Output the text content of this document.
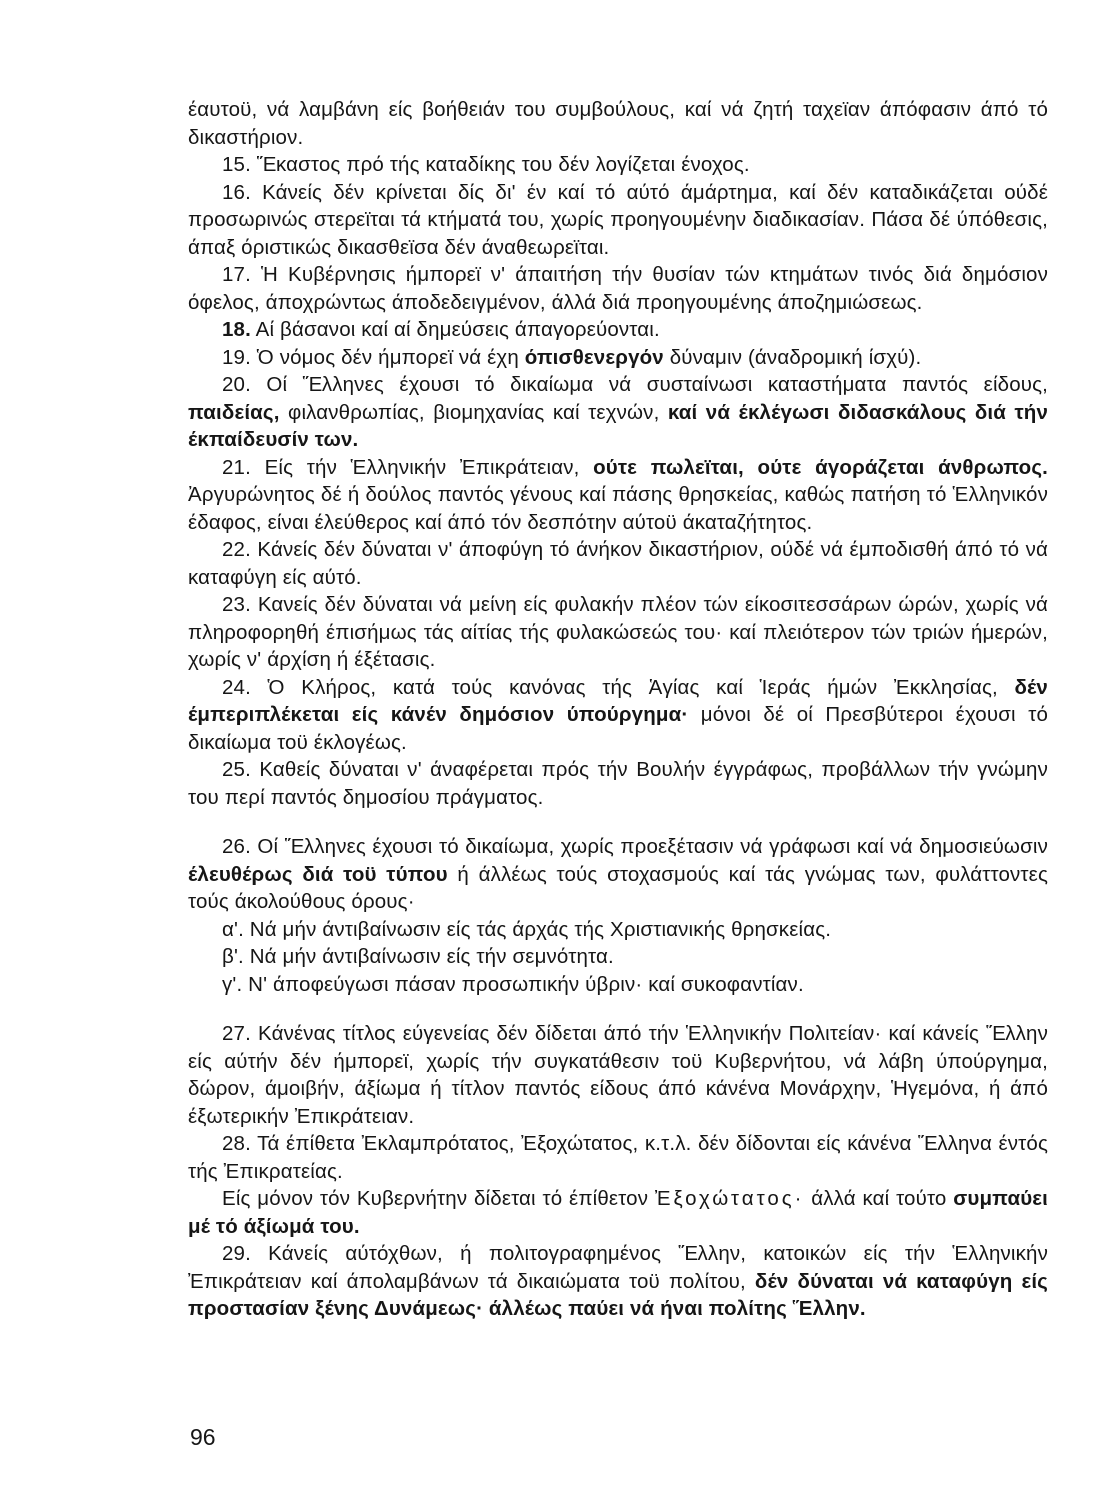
έαυτοϋ, νά λαμβάνη είς βοήθειάν του συμβούλους, καί νά ζητή ταχεϊαν άπόφασιν άπό τό δικαστήριον.

15. Ἕκαστος πρό τής καταδίκης του δέν λογίζεται ένοχος.

16. Κάνείς δέν κρίνεται δίς δι' έν καί τό αύτό άμάρτημα, καί δέν καταδικάζεται ούδέ προσωρινώς στερεϊται τά κτήματά του, χωρίς προηγουμένην διαδικασίαν. Πάσα δέ ύπόθεσις, άπαξ όριστικώς δικασθεϊσα δέν άναθεωρεϊται.

17. Ἡ Κυβέρνησις ήμπορεϊ ν' άπαιτήση τήν θυσίαν τών κτημάτων τινός διά δημόσιον όφελος, άποχρώντως άποδεδειγμένον, άλλά διά προηγουμένης άποζημιώσεως.

18. Αί βάσανοι καί αί δημεύσεις άπαγορεύονται.

19. Ὁ νόμος δέν ήμπορεϊ νά έχη όπισθενεργόν δύναμιν (άναδρομική ίσχύ).

20. Οί Ἕλληνες έχουσι τό δικαίωμα νά συσταίνωσι καταστήματα παντός είδους, παιδείας, φιλανθρωπίας, βιομηχανίας καί τεχνών, καί νά έκλέγωσι διδασκάλους διά τήν έκπαίδευσίν των.

21. Είς τήν Ἑλληνικήν Ἐπικράτειαν, ούτε πωλεϊται, ούτε άγοράζεται άνθρωπος. Ἀργυρώνητος δέ ή δούλος παντός γένους καί πάσης θρησκείας, καθώς πατήση τό Ἑλληνικόν έδαφος, είναι έλεύθερος καί άπό τόν δεσπότην αύτοϋ άκαταζήτητος.

22. Κάνείς δέν δύναται ν' άποφύγη τό άνήκον δικαστήριον, ούδέ νά έμποδισθή άπό τό νά καταφύγη είς αύτό.

23. Κανείς δέν δύναται νά μείνη είς φυλακήν πλέον τών είκοσιτεσσάρων ώρών, χωρίς νά πληροφορηθή έπισήμως τάς αίτίας τής φυλακώσεώς του· καί πλειότερον τών τριών ήμερών, χωρίς ν' άρχίση ή έξέτασις.

24. Ὁ Κλήρος, κατά τούς κανόνας τής Ἁγίας καί Ἱεράς ήμών Ἐκκλησίας, δέν έμπεριπλέκεται είς κάνέν δημόσιον ύπούργημα· μόνοι δέ οί Πρεσβύτεροι έχουσι τό δικαίωμα τοϋ έκλογέως.

25. Καθείς δύναται ν' άναφέρεται πρός τήν Βουλήν έγγράφως, προβάλλων τήν γνώμην του περί παντός δημοσίου πράγματος.

26. Οί Ἕλληνες έχουσι τό δικαίωμα, χωρίς προεξέτασιν νά γράφωσι καί νά δημοσιεύωσιν έλευθέρως διά τοϋ τύπου ή άλλέως τούς στοχασμούς καί τάς γνώμας των, φυλάττοντες τούς άκολούθους όρους·

α'. Νά μήν άντιβαίνωσιν είς τάς άρχάς τής Χριστιανικής θρησκείας.

β'. Νά μήν άντιβαίνωσιν είς τήν σεμνότητα.

γ'. Ν' άποφεύγωσι πάσαν προσωπικήν ύβριν· καί συκοφαντίαν.

27. Κάνένας τίτλος εύγενείας δέν δίδεται άπό τήν Ἑλληνικήν Πολιτείαν· καί κάνείς Ἕλλην είς αύτήν δέν ήμπορεϊ, χωρίς τήν συγκατάθεσιν τοϋ Κυβερνήτου, νά λάβη ύπούργημα, δώρον, άμοιβήν, άξίωμα ή τίτλον παντός είδους άπό κάνένα Μονάρχην, Ἡγεμόνα, ή άπό έξωτερικήν Ἐπικράτειαν.

28. Τά έπίθετα Ἐκλαμπρότατος, Ἐξοχώτατος, κ.τ.λ. δέν δίδονται είς κάνένα Ἕλληνα έντός τής Ἐπικρατείας.

Είς μόνον τόν Κυβερνήτην δίδεται τό έπίθετον Ἐξοχώτατος· άλλά καί τούτο συμπαύει μέ τό άξίωμά του.

29. Κάνείς αύτόχθων, ή πολιτογραφημένος Ἕλλην, κατοικών είς τήν Ἑλληνικήν Ἐπικράτειαν καί άπολαμβάνων τά δικαιώματα τοϋ πολίτου, δέν δύναται νά καταφύγη είς προστασίαν ξένης Δυνάμεως· άλλέως παύει νά ήναι πολίτης Ἕλλην.

96
